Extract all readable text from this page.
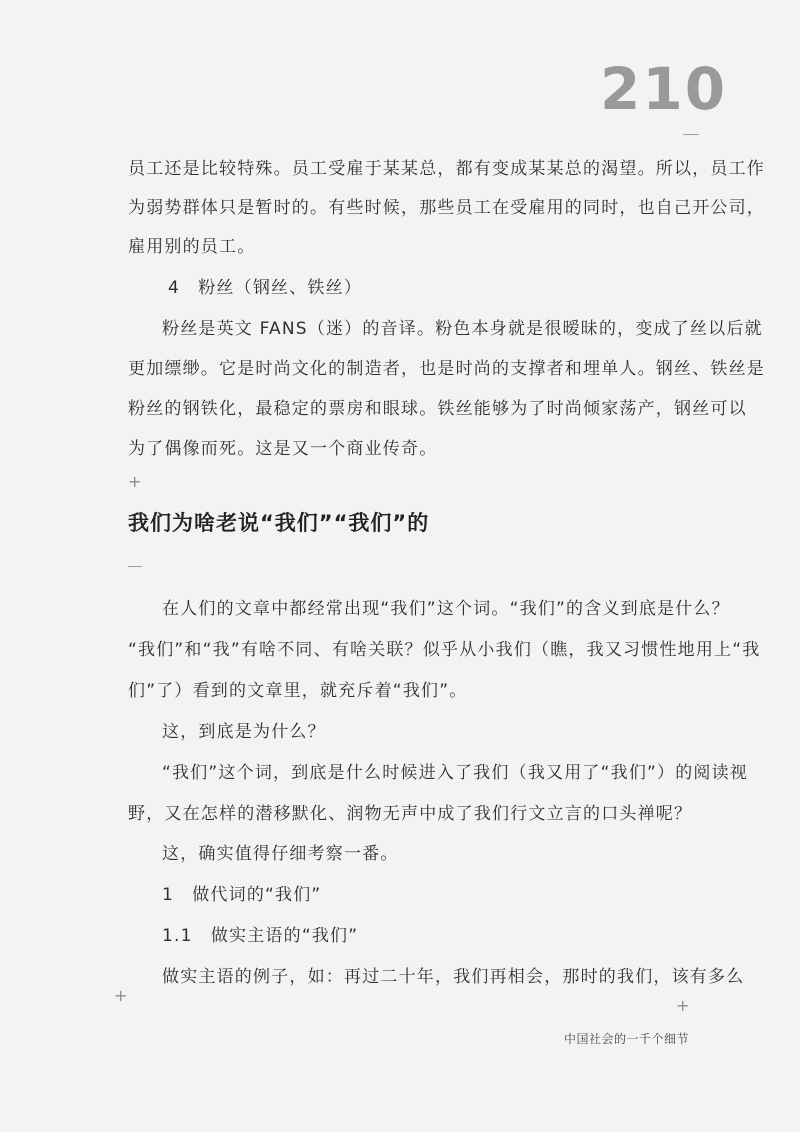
210
+
+
+
员工还是比较特殊。员工受雇于某某总，都有变成某某总的渴望。所以，员工作
为弱势群体只是暂时的。有些时候，那些员工在受雇用的同时，也自己开公司，
雇用别的员工。
4　粉丝（钢丝、铁丝）
粉丝是英文 FANS（迷）的音译。粉色本身就是很暧昧的，变成了丝以后就
更加缥缈。它是时尚文化的制造者，也是时尚的支撑者和埋单人。钢丝、铁丝是
粉丝的钢铁化，最稳定的票房和眼球。铁丝能够为了时尚倾家荡产，钢丝可以
为了偶像而死。这是又一个商业传奇。
我们为啥老说“我们”“我们”的
在人们的文章中都经常出现“我们”这个词。“我们”的含义到底是什么？
“我们”和“我”有啥不同、有啥关联？似乎从小我们（瞧，我又习惯性地用上“我
们”了）看到的文章里，就充斥着“我们”。
这，到底是为什么？
“我们”这个词，到底是什么时候进入了我们（我又用了“我们”）的阅读视
野，又在怎样的潜移默化、润物无声中成了我们行文立言的口头禅呢？
这，确实值得仔细考察一番。
1　做代词的“我们”
1.1　做实主语的“我们”
做实主语的例子，如：再过二十年，我们再相会，那时的我们，该有多么
中国社会的一千个细节
